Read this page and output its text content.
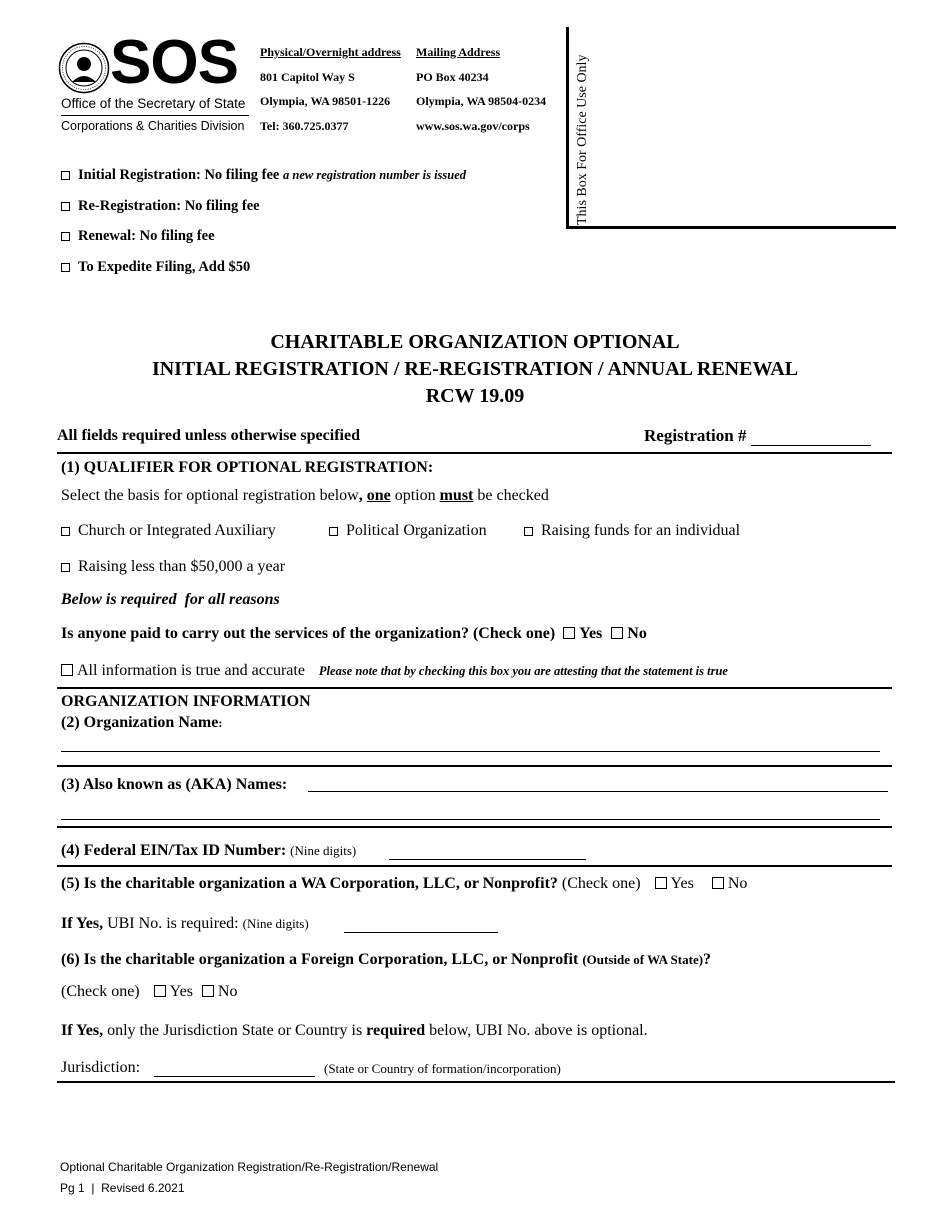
SOS
Office of the Secretary of State
Corporations & Charities Division
Physical/Overnight address
801 Capitol Way S
Olympia, WA 98501-1226
Tel: 360.725.0377
Mailing Address
PO Box 40234
Olympia, WA 98504-0234
www.sos.wa.gov/corps	This Box For Office Use Only
Initial Registration: No filing fee a new registration number is issued
Re-Registration: No filing fee
Renewal: No filing fee
To Expedite Filing, Add $50
CHARITABLE ORGANIZATION OPTIONAL
INITIAL REGISTRATION / RE-REGISTRATION / ANNUAL RENEWAL
RCW 19.09
All fields required unless otherwise specified	Registration #
(1) QUALIFIER FOR OPTIONAL REGISTRATION:
Select the basis for optional registration below, one option must be checked
Church or Integrated Auxiliary	Political Organization	Raising funds for an individual
Raising less than $50,000 a year
Below is required  for all reasons
Is anyone paid to carry out the services of the organization? (Check one) Yes No
All information is true and accurate Please note that by checking this box you are attesting that the statement is true
ORGANIZATION INFORMATION
(2) Organization Name:
(3) Also known as (AKA) Names:
(4) Federal EIN/Tax ID Number: (Nine digits)
(5) Is the charitable organization a WA Corporation, LLC, or Nonprofit? (Check one) Yes No
If Yes, UBI No. is required: (Nine digits)
(6) Is the charitable organization a Foreign Corporation, LLC, or Nonprofit (Outside of WA State)?
(Check one) Yes No
If Yes, only the Jurisdiction State or Country is required below, UBI No. above is optional.
Jurisdiction:	(State or Country of formation/incorporation)
Optional Charitable Organization Registration/Re-Registration/Renewal
Pg 1  |  Revised 6.2021
